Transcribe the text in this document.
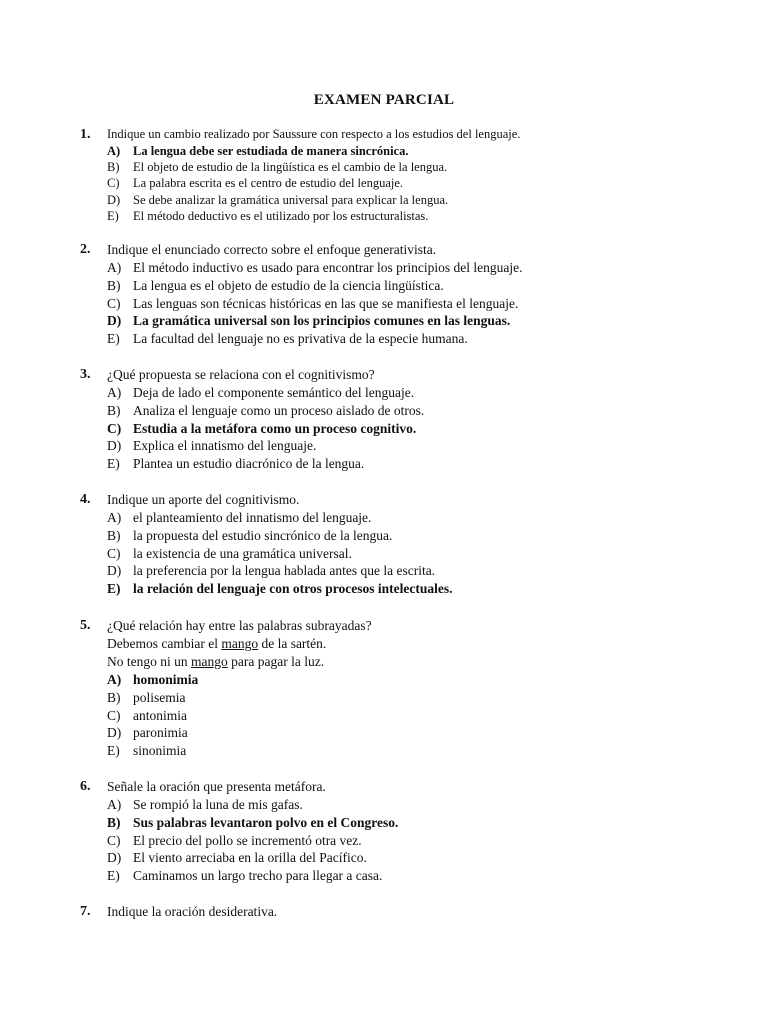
EXAMEN PARCIAL
1. Indique un cambio realizado por Saussure con respecto a los estudios del lenguaje.
A) La lengua debe ser estudiada de manera sincrónica.
B) El objeto de estudio de la lingüística es el cambio de la lengua.
C) La palabra escrita es el centro de estudio del lenguaje.
D) Se debe analizar la gramática universal para explicar la lengua.
E) El método deductivo es el utilizado por los estructuralistas.
2. Indique el enunciado correcto sobre el enfoque generativista.
A) El método inductivo es usado para encontrar los principios del lenguaje.
B) La lengua es el objeto de estudio de la ciencia lingüística.
C) Las lenguas son técnicas históricas en las que se manifiesta el lenguaje.
D) La gramática universal son los principios comunes en las lenguas.
E) La facultad del lenguaje no es privativa de la especie humana.
3. ¿Qué propuesta se relaciona con el cognitivismo?
A) Deja de lado el componente semántico del lenguaje.
B) Analiza el lenguaje como un proceso aislado de otros.
C) Estudia a la metáfora como un proceso cognitivo.
D) Explica el innatismo del lenguaje.
E) Plantea un estudio diacrónico de la lengua.
4. Indique un aporte del cognitivismo.
A) el planteamiento del innatismo del lenguaje.
B) la propuesta del estudio sincrónico de la lengua.
C) la existencia de una gramática universal.
D) la preferencia por la lengua hablada antes que la escrita.
E) la relación del lenguaje con otros procesos intelectuales.
5. ¿Qué relación hay entre las palabras subrayadas?
Debemos cambiar el mango de la sartén.
No tengo ni un mango para pagar la luz.
A) homonimia
B) polisemia
C) antonimia
D) paronimia
E) sinonimia
6. Señale la oración que presenta metáfora.
A) Se rompió la luna de mis gafas.
B) Sus palabras levantaron polvo en el Congreso.
C) El precio del pollo se incrementó otra vez.
D) El viento arreciaba en la orilla del Pacífico.
E) Caminamos un largo trecho para llegar a casa.
7. Indique la oración desiderativa.
